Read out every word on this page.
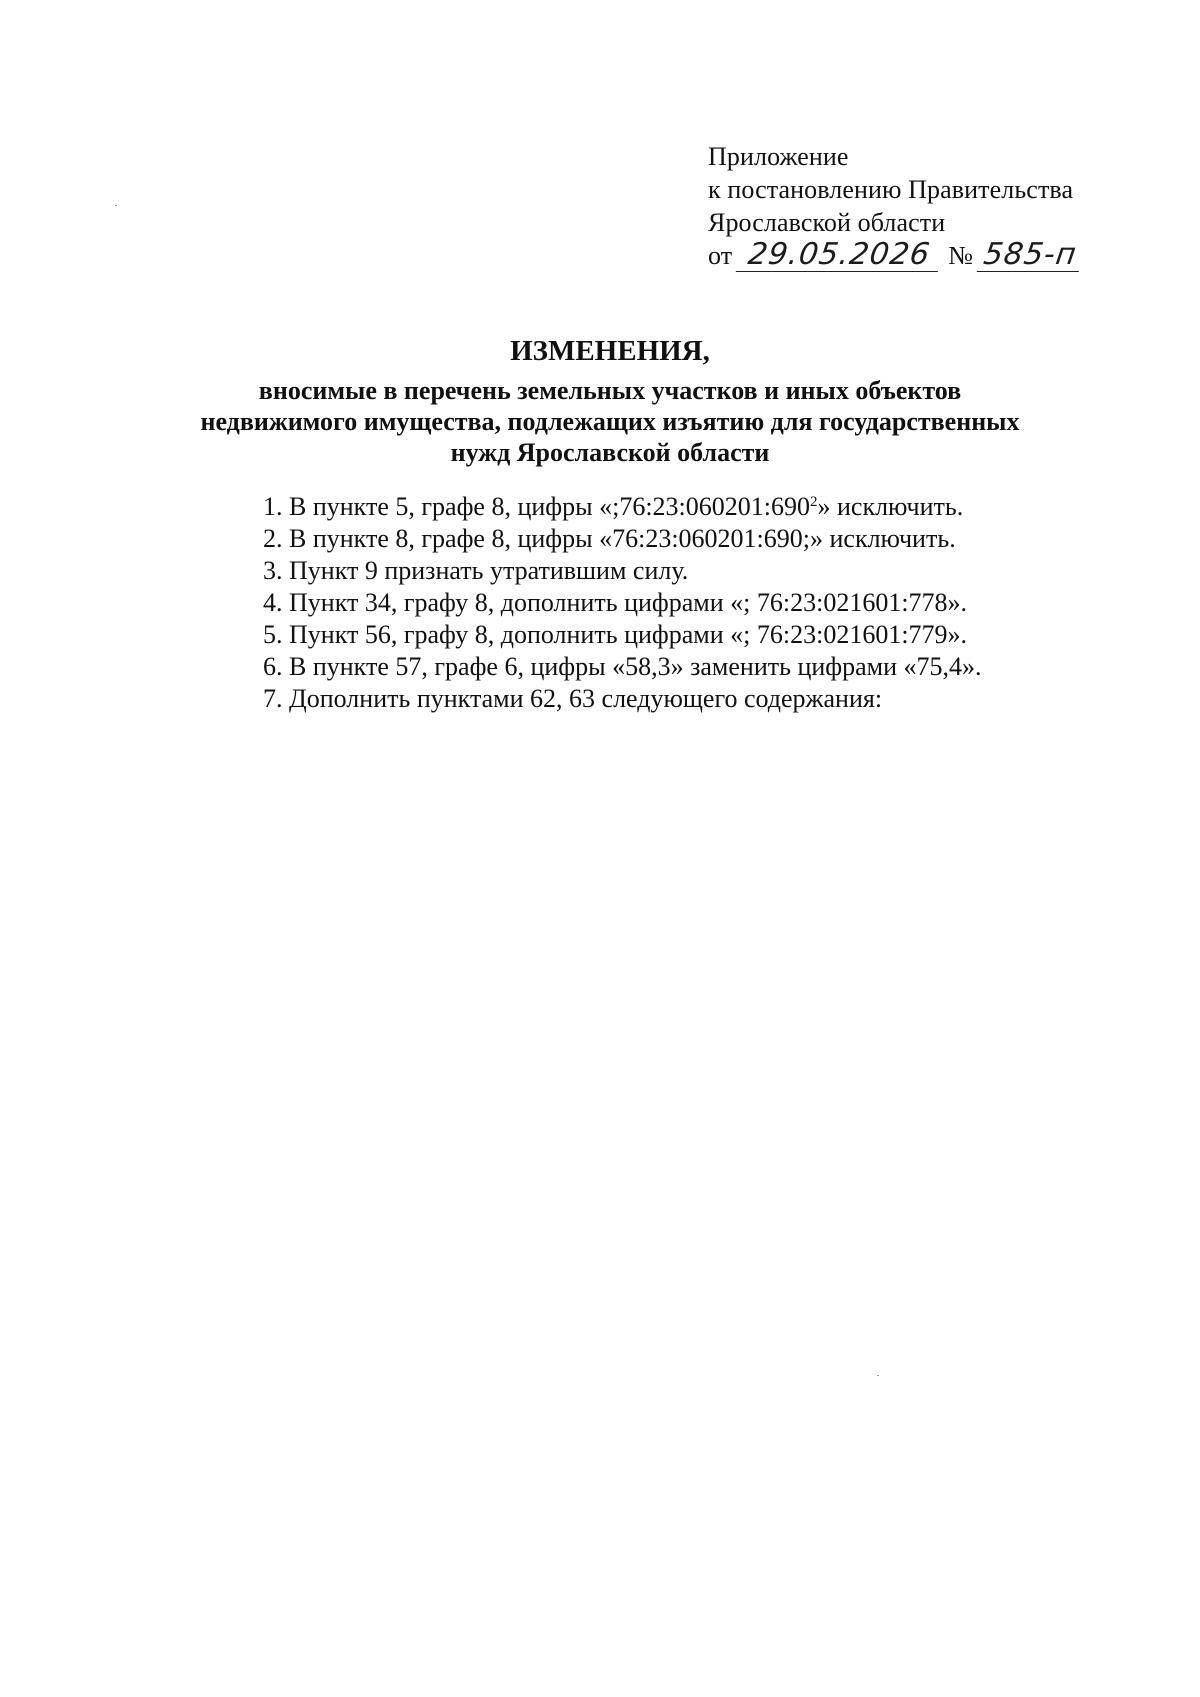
Приложение
к постановлению Правительства
Ярославской области
от 29.05.2026 № 585-п
ИЗМЕНЕНИЯ,
вносимые в перечень земельных участков и иных объектов
недвижимого имущества, подлежащих изъятию для государственных
нужд Ярославской области
1. В пункте 5, графе 8, цифры «$;76:23:060201:690^2$» исключить.
2. В пункте 8, графе 8, цифры «76:23:060201:690;» исключить.
3. Пункт 9 признать утратившим силу.
4. Пункт 34, графу 8, дополнить цифрами «; 76:23:021601:778».
5. Пункт 56, графу 8, дополнить цифрами «; 76:23:021601:779».
6. В пункте 57, графе 6, цифры «58,3» заменить цифрами «75,4».
7. Дополнить пунктами 62, 63 следующего содержания:
